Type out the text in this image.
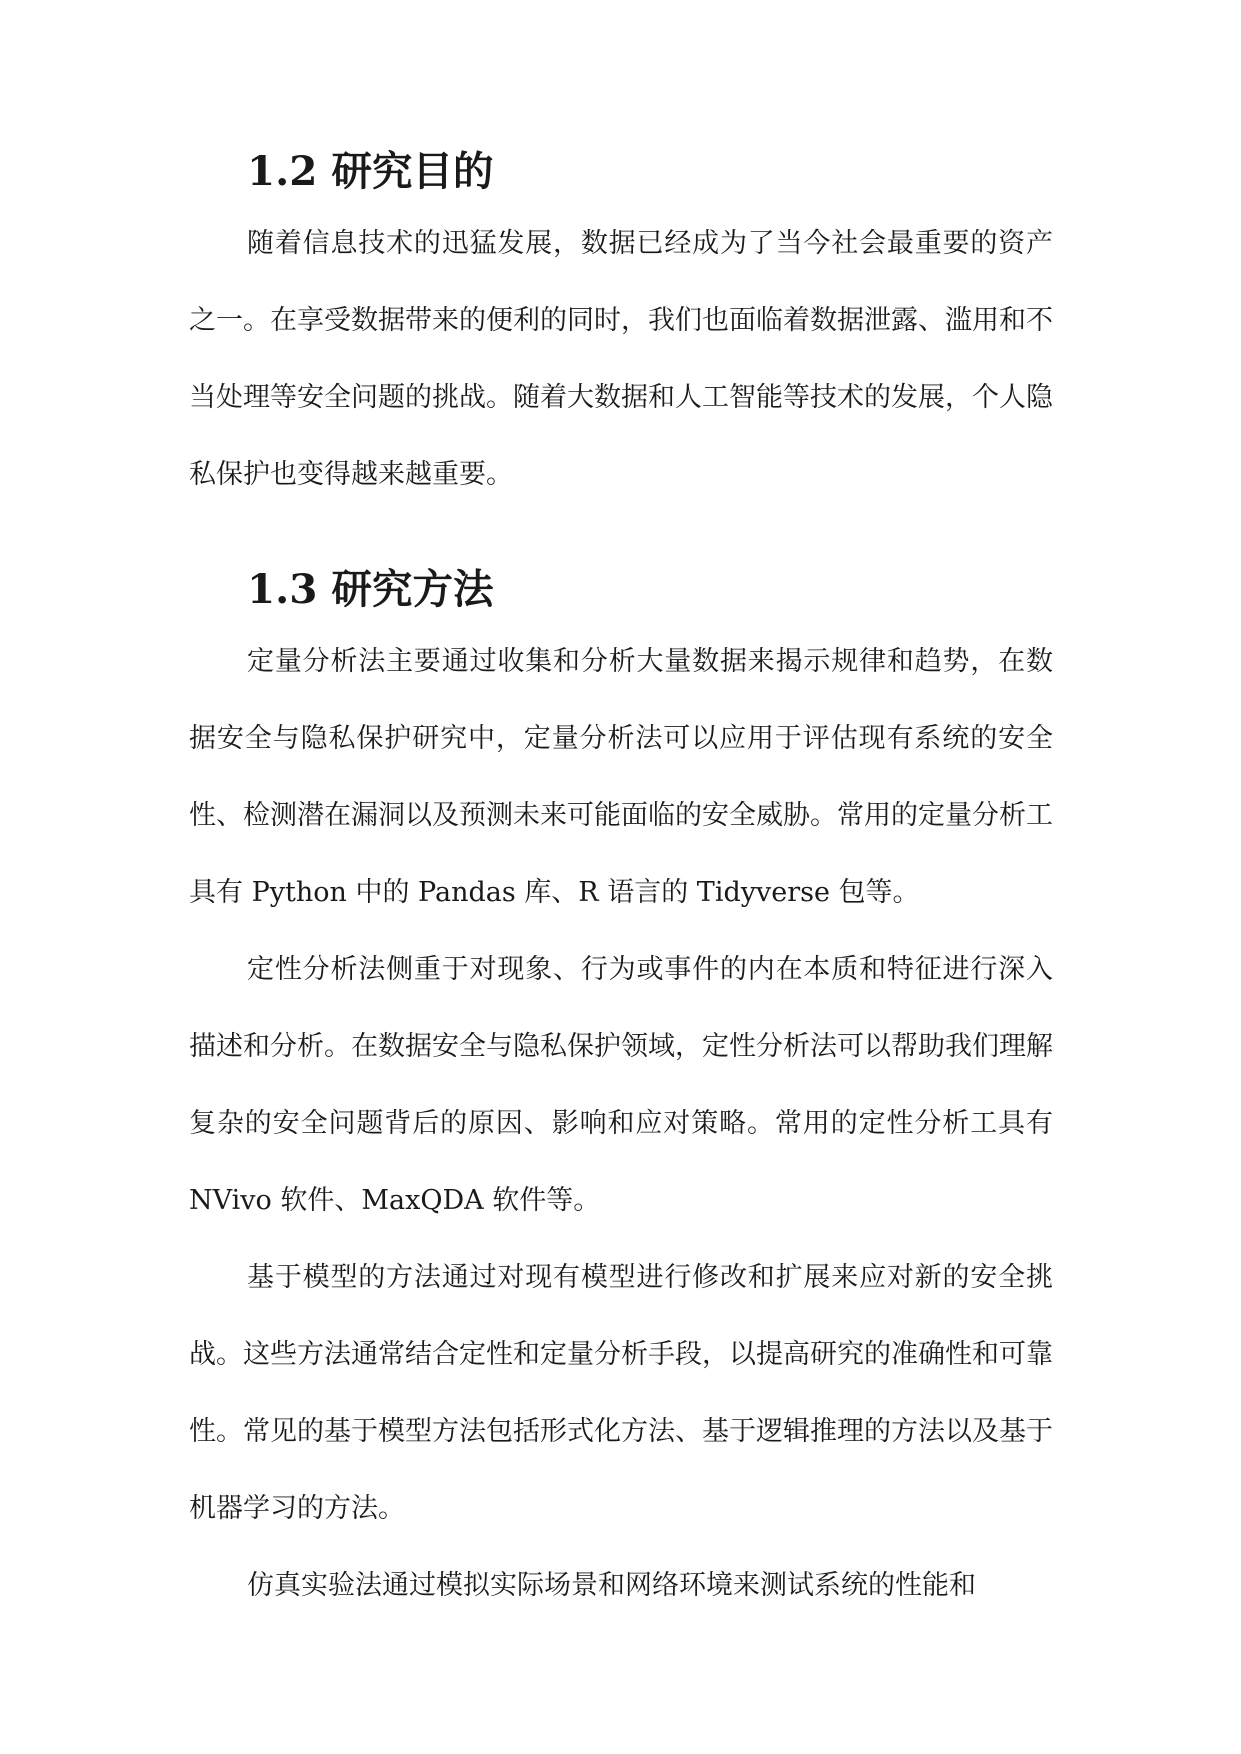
1.2 研究目的

随着信息技术的迅猛发展，数据已经成为了当今社会最重要的资产之一。在享受数据带来的便利的同时，我们也面临着数据泄露、滥用和不当处理等安全问题的挑战。随着大数据和人工智能等技术的发展，个人隐私保护也变得越来越重要。

1.3 研究方法

定量分析法主要通过收集和分析大量数据来揭示规律和趋势，在数据安全与隐私保护研究中，定量分析法可以应用于评估现有系统的安全性、检测潜在漏洞以及预测未来可能面临的安全威胁。常用的定量分析工具有 Python 中的 Pandas 库、R 语言的 Tidyverse 包等。

定性分析法侧重于对现象、行为或事件的内在本质和特征进行深入描述和分析。在数据安全与隐私保护领域，定性分析法可以帮助我们理解复杂的安全问题背后的原因、影响和应对策略。常用的定性分析工具有 NVivo 软件、MaxQDA 软件等。

基于模型的方法通过对现有模型进行修改和扩展来应对新的安全挑战。这些方法通常结合定性和定量分析手段，以提高研究的准确性和可靠性。常见的基于模型方法包括形式化方法、基于逻辑推理的方法以及基于机器学习的方法。

仿真实验法通过模拟实际场景和网络环境来测试系统的性能和
